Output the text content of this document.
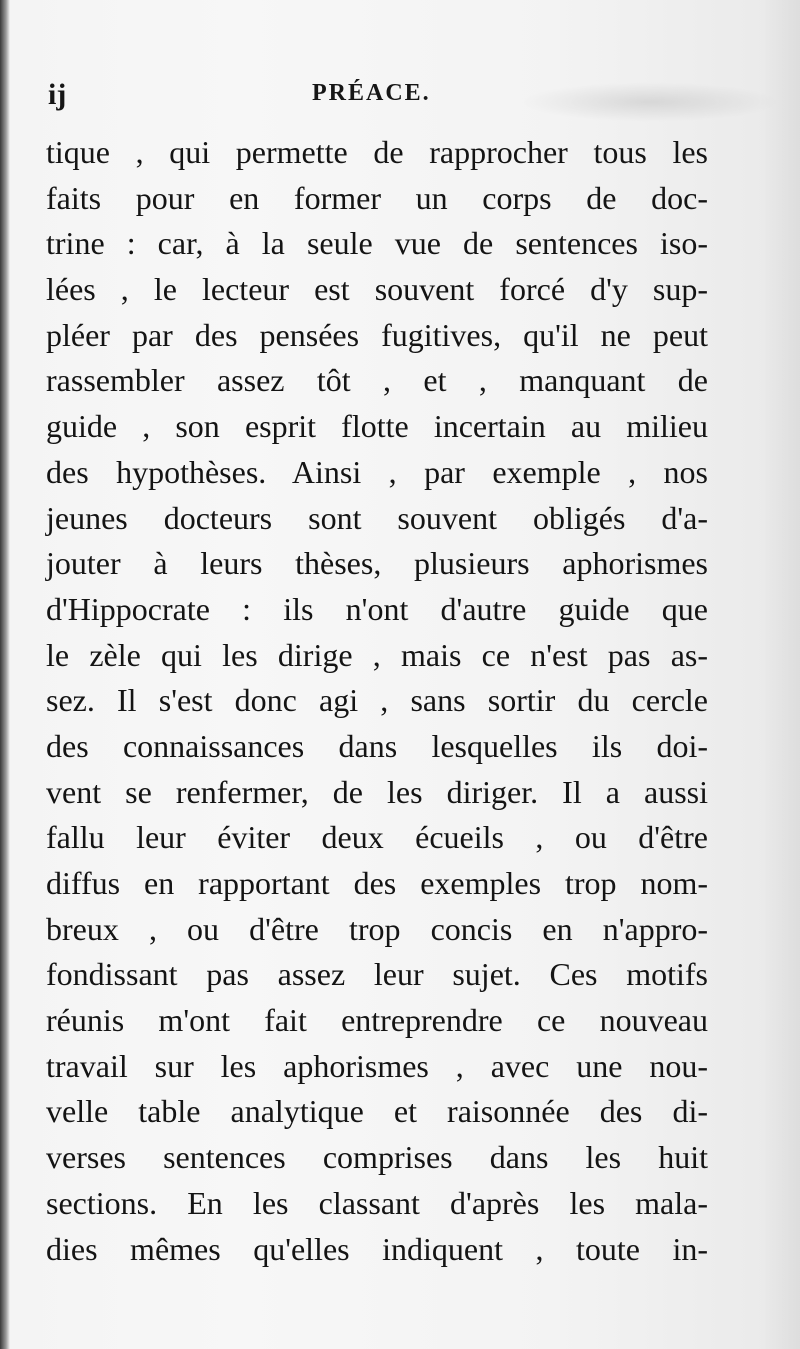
ij	PRÉACE.
tique , qui permette de rapprocher tous les
faits pour en former un corps de doc-
trine : car, à la seule vue de sentences iso-
lées , le lecteur est souvent forcé d'y sup-
pléer par des pensées fugitives, qu'il ne peut
rassembler assez tôt , et , manquant de
guide , son esprit flotte incertain au milieu
des hypothèses. Ainsi , par exemple , nos
jeunes docteurs sont souvent obligés d'a-
jouter à leurs thèses, plusieurs aphorismes
d'Hippocrate : ils n'ont d'autre guide que
le zèle qui les dirige , mais ce n'est pas as-
sez. Il s'est donc agi , sans sortir du cercle
des connaissances dans lesquelles ils doi-
vent se renfermer, de les diriger. Il a aussi
fallu leur éviter deux écueils , ou d'être
diffus en rapportant des exemples trop nom-
breux , ou d'être trop concis en n'appro-
fondissant pas assez leur sujet. Ces motifs
réunis m'ont fait entreprendre ce nouveau
travail sur les aphorismes , avec une nou-
velle table analytique et raisonnée des di-
verses sentences comprises dans les huit
sections. En les classant d'après les mala-
dies mêmes qu'elles indiquent , toute in-
